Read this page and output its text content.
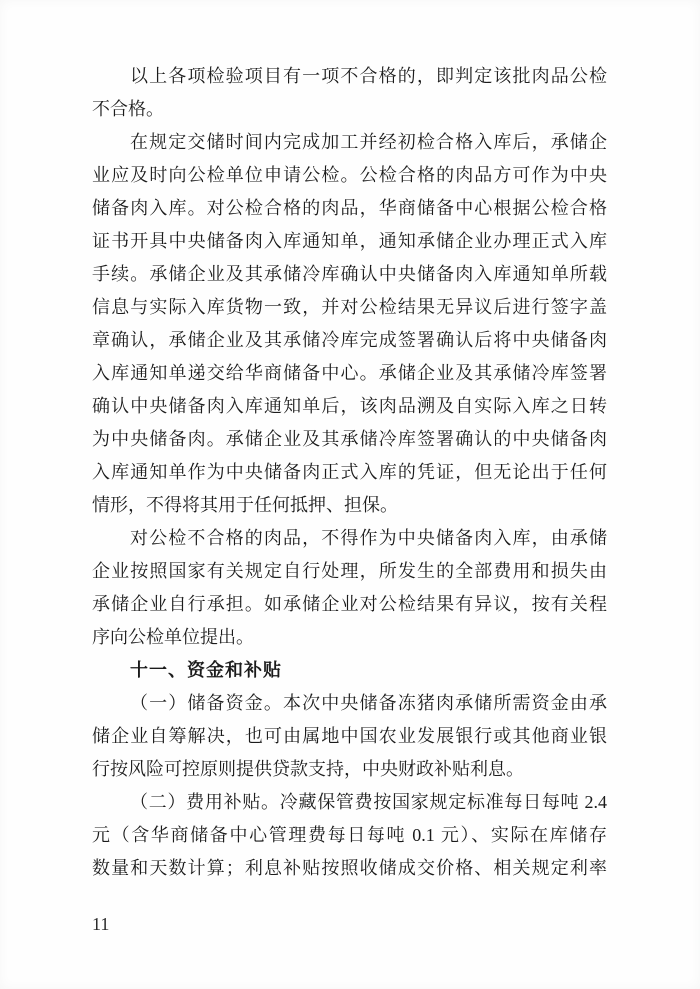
以上各项检验项目有一项不合格的，即判定该批肉品公检
不合格。
在规定交储时间内完成加工并经初检合格入库后，承储企
业应及时向公检单位申请公检。公检合格的肉品方可作为中央
储备肉入库。对公检合格的肉品，华商储备中心根据公检合格
证书开具中央储备肉入库通知单，通知承储企业办理正式入库
手续。承储企业及其承储冷库确认中央储备肉入库通知单所载
信息与实际入库货物一致，并对公检结果无异议后进行签字盖
章确认，承储企业及其承储冷库完成签署确认后将中央储备肉
入库通知单递交给华商储备中心。承储企业及其承储冷库签署
确认中央储备肉入库通知单后，该肉品溯及自实际入库之日转
为中央储备肉。承储企业及其承储冷库签署确认的中央储备肉
入库通知单作为中央储备肉正式入库的凭证，但无论出于任何
情形，不得将其用于任何抵押、担保。
对公检不合格的肉品，不得作为中央储备肉入库，由承储
企业按照国家有关规定自行处理，所发生的全部费用和损失由
承储企业自行承担。如承储企业对公检结果有异议，按有关程
序向公检单位提出。
十一、资金和补贴
（一）储备资金。本次中央储备冻猪肉承储所需资金由承
储企业自筹解决，也可由属地中国农业发展银行或其他商业银
行按风险可控原则提供贷款支持，中央财政补贴利息。
（二）费用补贴。冷藏保管费按国家规定标准每日每吨 2.4
元（含华商储备中心管理费每日每吨 0.1 元）、实际在库储存
数量和天数计算；利息补贴按照收储成交价格、相关规定利率
11
